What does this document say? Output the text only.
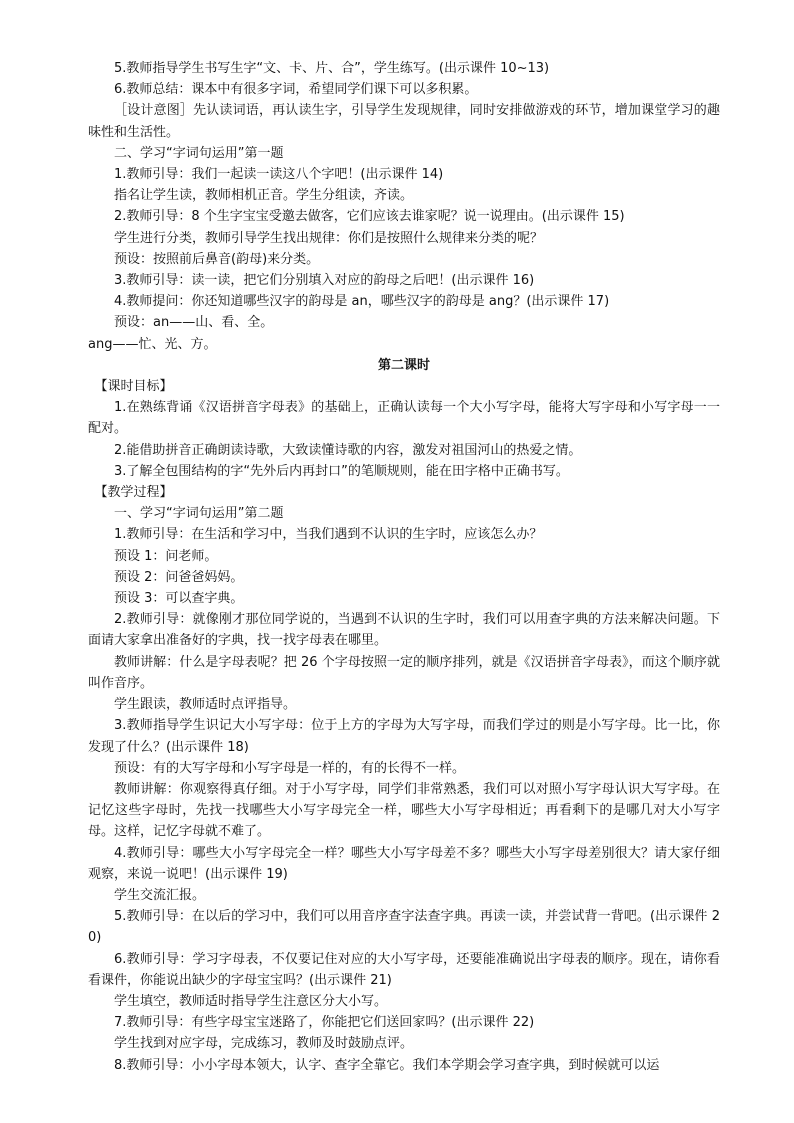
5.教师指导学生书写生字“文、卡、片、合”，学生练写。(出示课件 10~13)

6.教师总结：课本中有很多字词，希望同学们课下可以多积累。

［设计意图］先认读词语，再认读生字，引导学生发现规律，同时安排做游戏的环节，增加课堂学习的趣味性和生活性。

二、学习“字词句运用”第一题

1.教师引导：我们一起读一读这八个字吧！(出示课件 14)

指名让学生读，教师相机正音。学生分组读，齐读。

2.教师引导：8 个生字宝宝受邀去做客，它们应该去谁家呢？说一说理由。(出示课件 15)

学生进行分类，教师引导学生找出规律：你们是按照什么规律来分类的呢？

预设：按照前后鼻音(韵母)来分类。

3.教师引导：读一读，把它们分别填入对应的韵母之后吧！(出示课件 16)

4.教师提问：你还知道哪些汉字的韵母是 an，哪些汉字的韵母是 ang？(出示课件 17)

预设：an——山、看、全。

ang——忙、光、方。

第二课时

【课时目标】

1.在熟练背诵《汉语拼音字母表》的基础上，正确认读每一个大小写字母，能将大写字母和小写字母一一配对。

2.能借助拼音正确朗读诗歌，大致读懂诗歌的内容，激发对祖国河山的热爱之情。

3.了解全包围结构的字“先外后内再封口”的笔顺规则，能在田字格中正确书写。

【教学过程】

一、学习“字词句运用”第二题

1.教师引导：在生活和学习中，当我们遇到不认识的生字时，应该怎么办？

预设 1：问老师。

预设 2：问爸爸妈妈。

预设 3：可以查字典。

2.教师引导：就像刚才那位同学说的，当遇到不认识的生字时，我们可以用查字典的方法来解决问题。下面请大家拿出准备好的字典，找一找字母表在哪里。

教师讲解：什么是字母表呢？把 26 个字母按照一定的顺序排列，就是《汉语拼音字母表》，而这个顺序就叫作音序。

学生跟读，教师适时点评指导。

3.教师指导学生识记大小写字母：位于上方的字母为大写字母，而我们学过的则是小写字母。比一比，你发现了什么？(出示课件 18)

预设：有的大写字母和小写字母是一样的，有的长得不一样。

教师讲解：你观察得真仔细。对于小写字母，同学们非常熟悉，我们可以对照小写字母认识大写字母。在记忆这些字母时，先找一找哪些大小写字母完全一样，哪些大小写字母相近；再看剩下的是哪几对大小写字母。这样，记忆字母就不难了。

4.教师引导：哪些大小写字母完全一样？哪些大小写字母差不多？哪些大小写字母差别很大？请大家仔细观察，来说一说吧！(出示课件 19)

学生交流汇报。

5.教师引导：在以后的学习中，我们可以用音序查字法查字典。再读一读，并尝试背一背吧。(出示课件 20)

6.教师引导：学习字母表，不仅要记住对应的大小写字母，还要能准确说出字母表的顺序。现在，请你看看课件，你能说出缺少的字母宝宝吗？(出示课件 21)

学生填空，教师适时指导学生注意区分大小写。

7.教师引导：有些字母宝宝迷路了，你能把它们送回家吗？(出示课件 22)

学生找到对应字母，完成练习，教师及时鼓励点评。

8.教师引导：小小字母本领大，认字、查字全靠它。我们本学期会学习查字典，到时候就可以运
